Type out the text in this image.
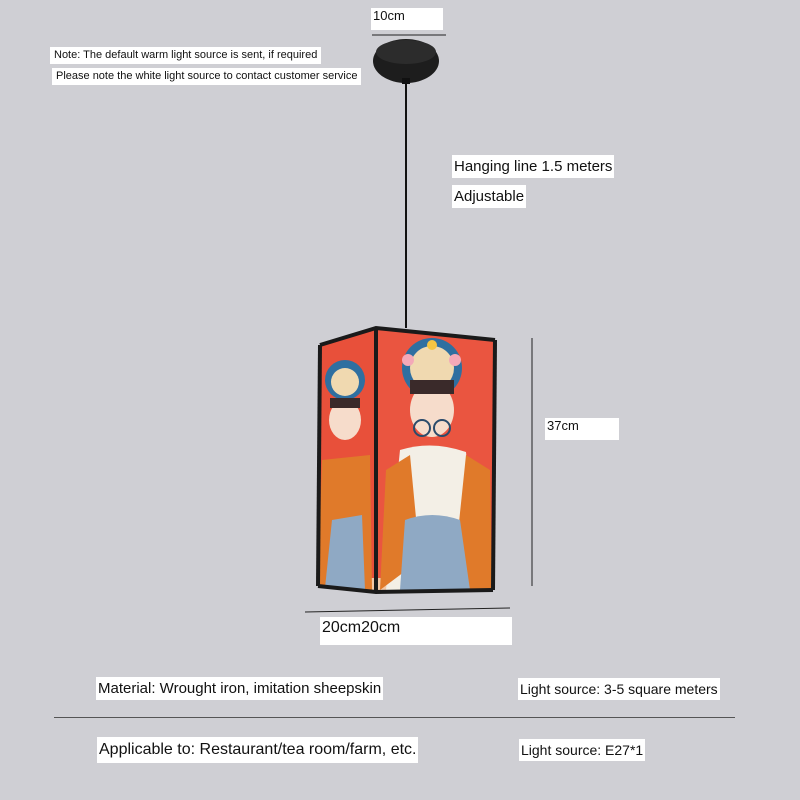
10cm
Note: The default warm light source is sent, if required
Please note the white light source to contact customer service
Hanging line 1.5 meters
Adjustable
37cm
20cm20cm
Material: Wrought iron, imitation sheepskin	Light source: 3-5 square meters
Applicable to: Restaurant/tea room/farm, etc.	Light source: E27*1
